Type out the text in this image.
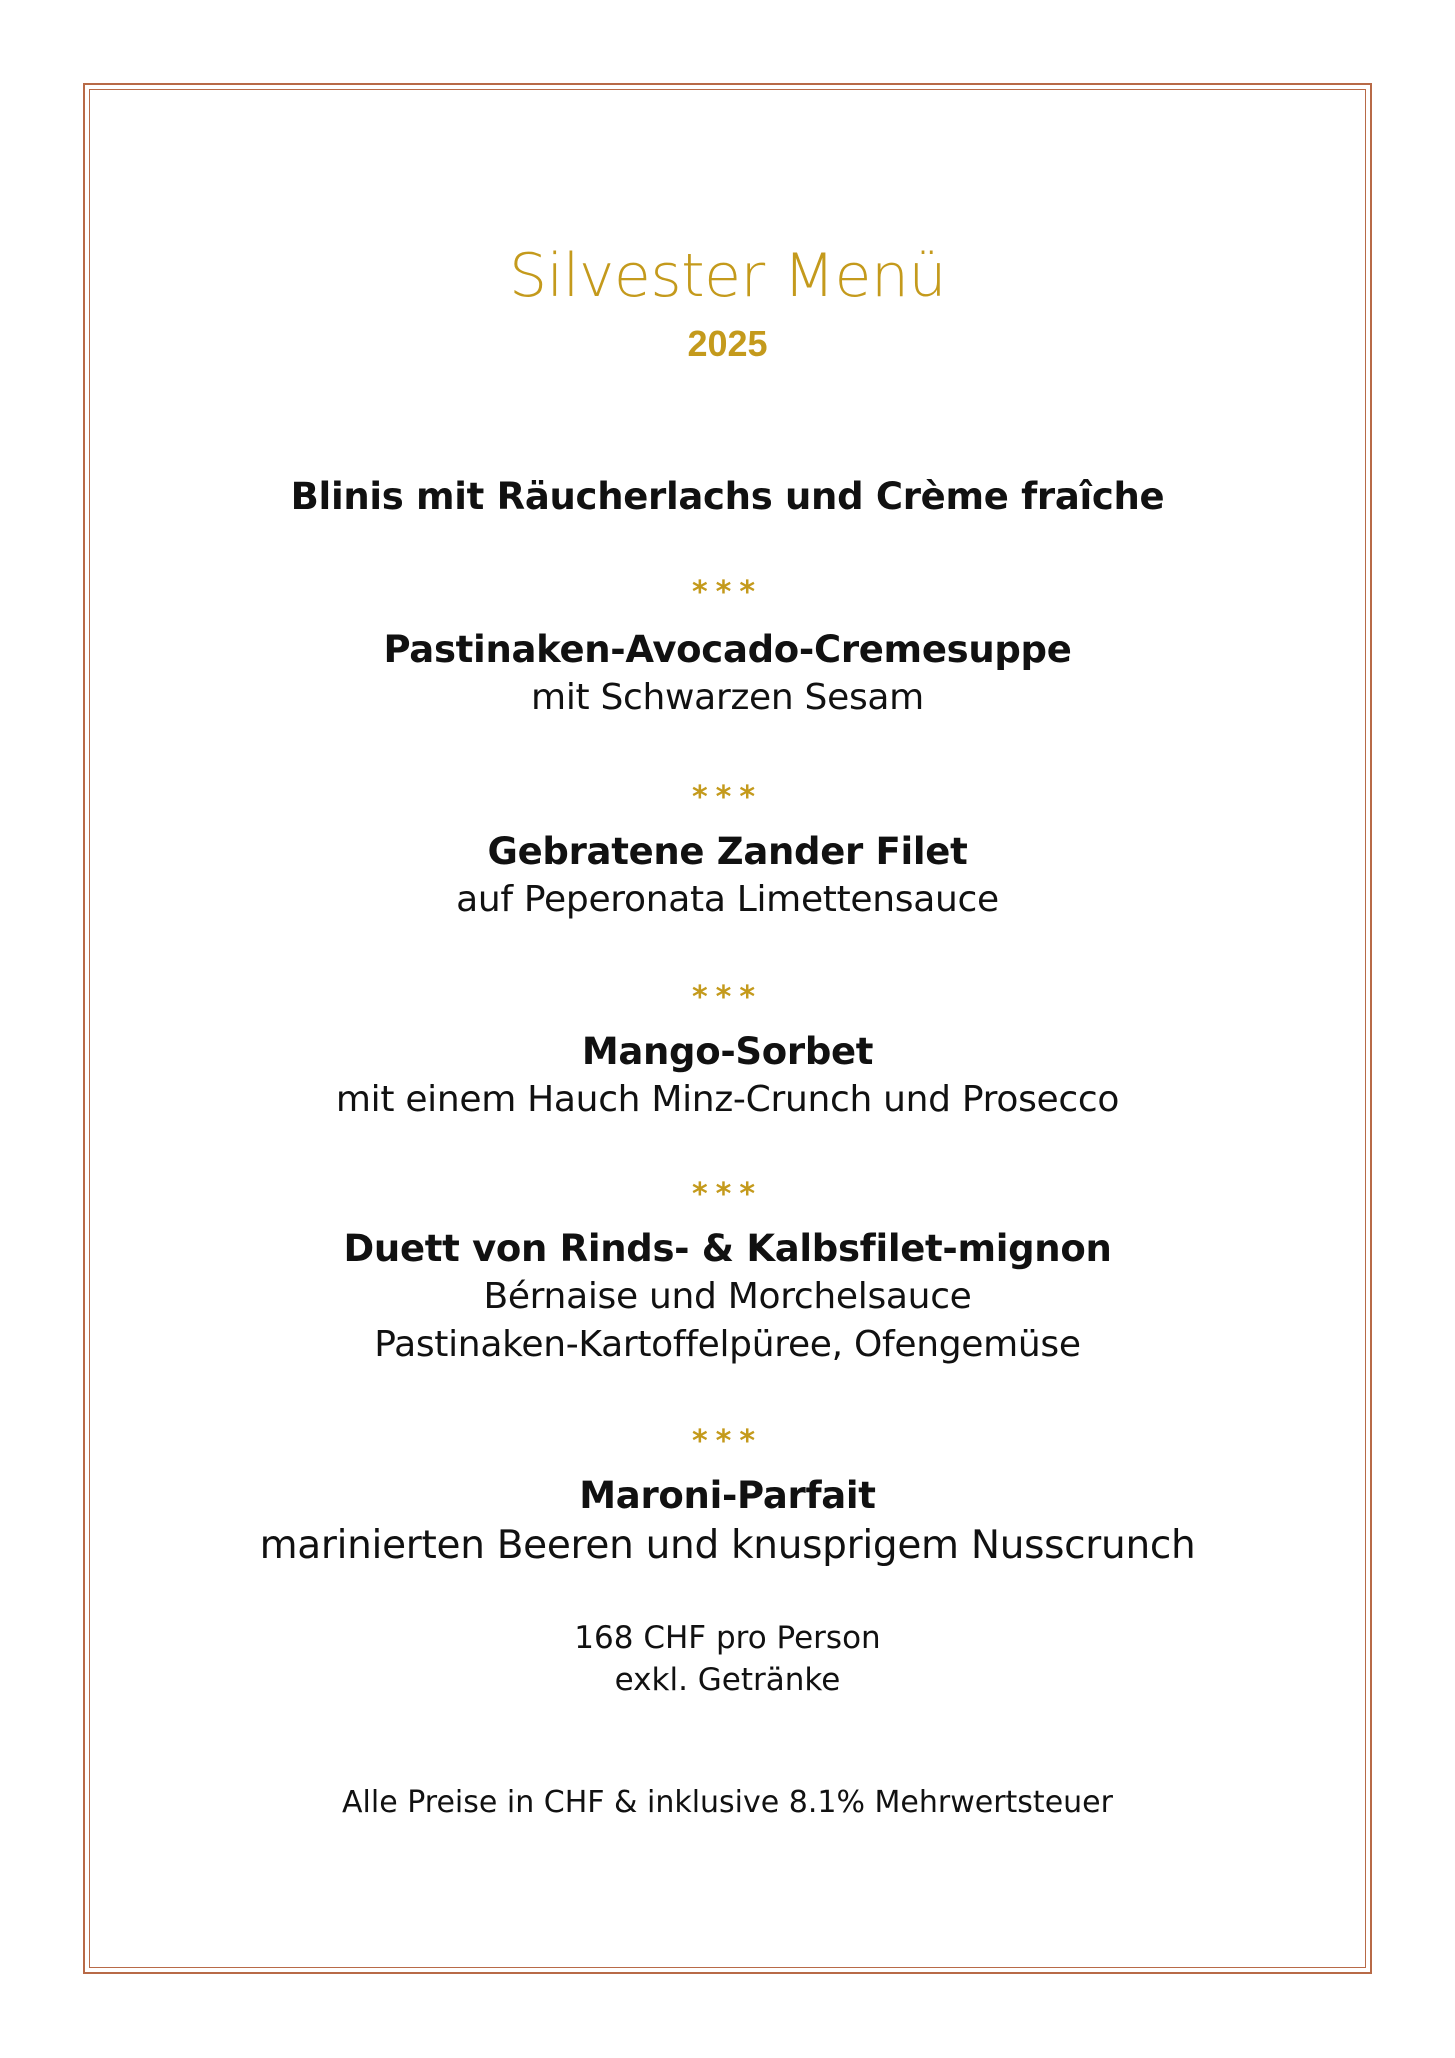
Silvester Menü
2025
Blinis mit Räucherlachs und Crème fraîche
***
Pastinaken-Avocado-Cremesuppe
mit Schwarzen Sesam
***
Gebratene Zander Filet
auf Peperonata Limettensauce
***
Mango-Sorbet
mit einem Hauch Minz-Crunch und Prosecco
***
Duett von Rinds- & Kalbsfilet-mignon
Bérnaise und Morchelsauce
Pastinaken-Kartoffelpüree, Ofengemüse
***
Maroni-Parfait
marinierten Beeren und knusprigem Nusscrunch
168 CHF pro Person
exkl. Getränke
Alle Preise in CHF & inklusive 8.1% Mehrwertsteuer
